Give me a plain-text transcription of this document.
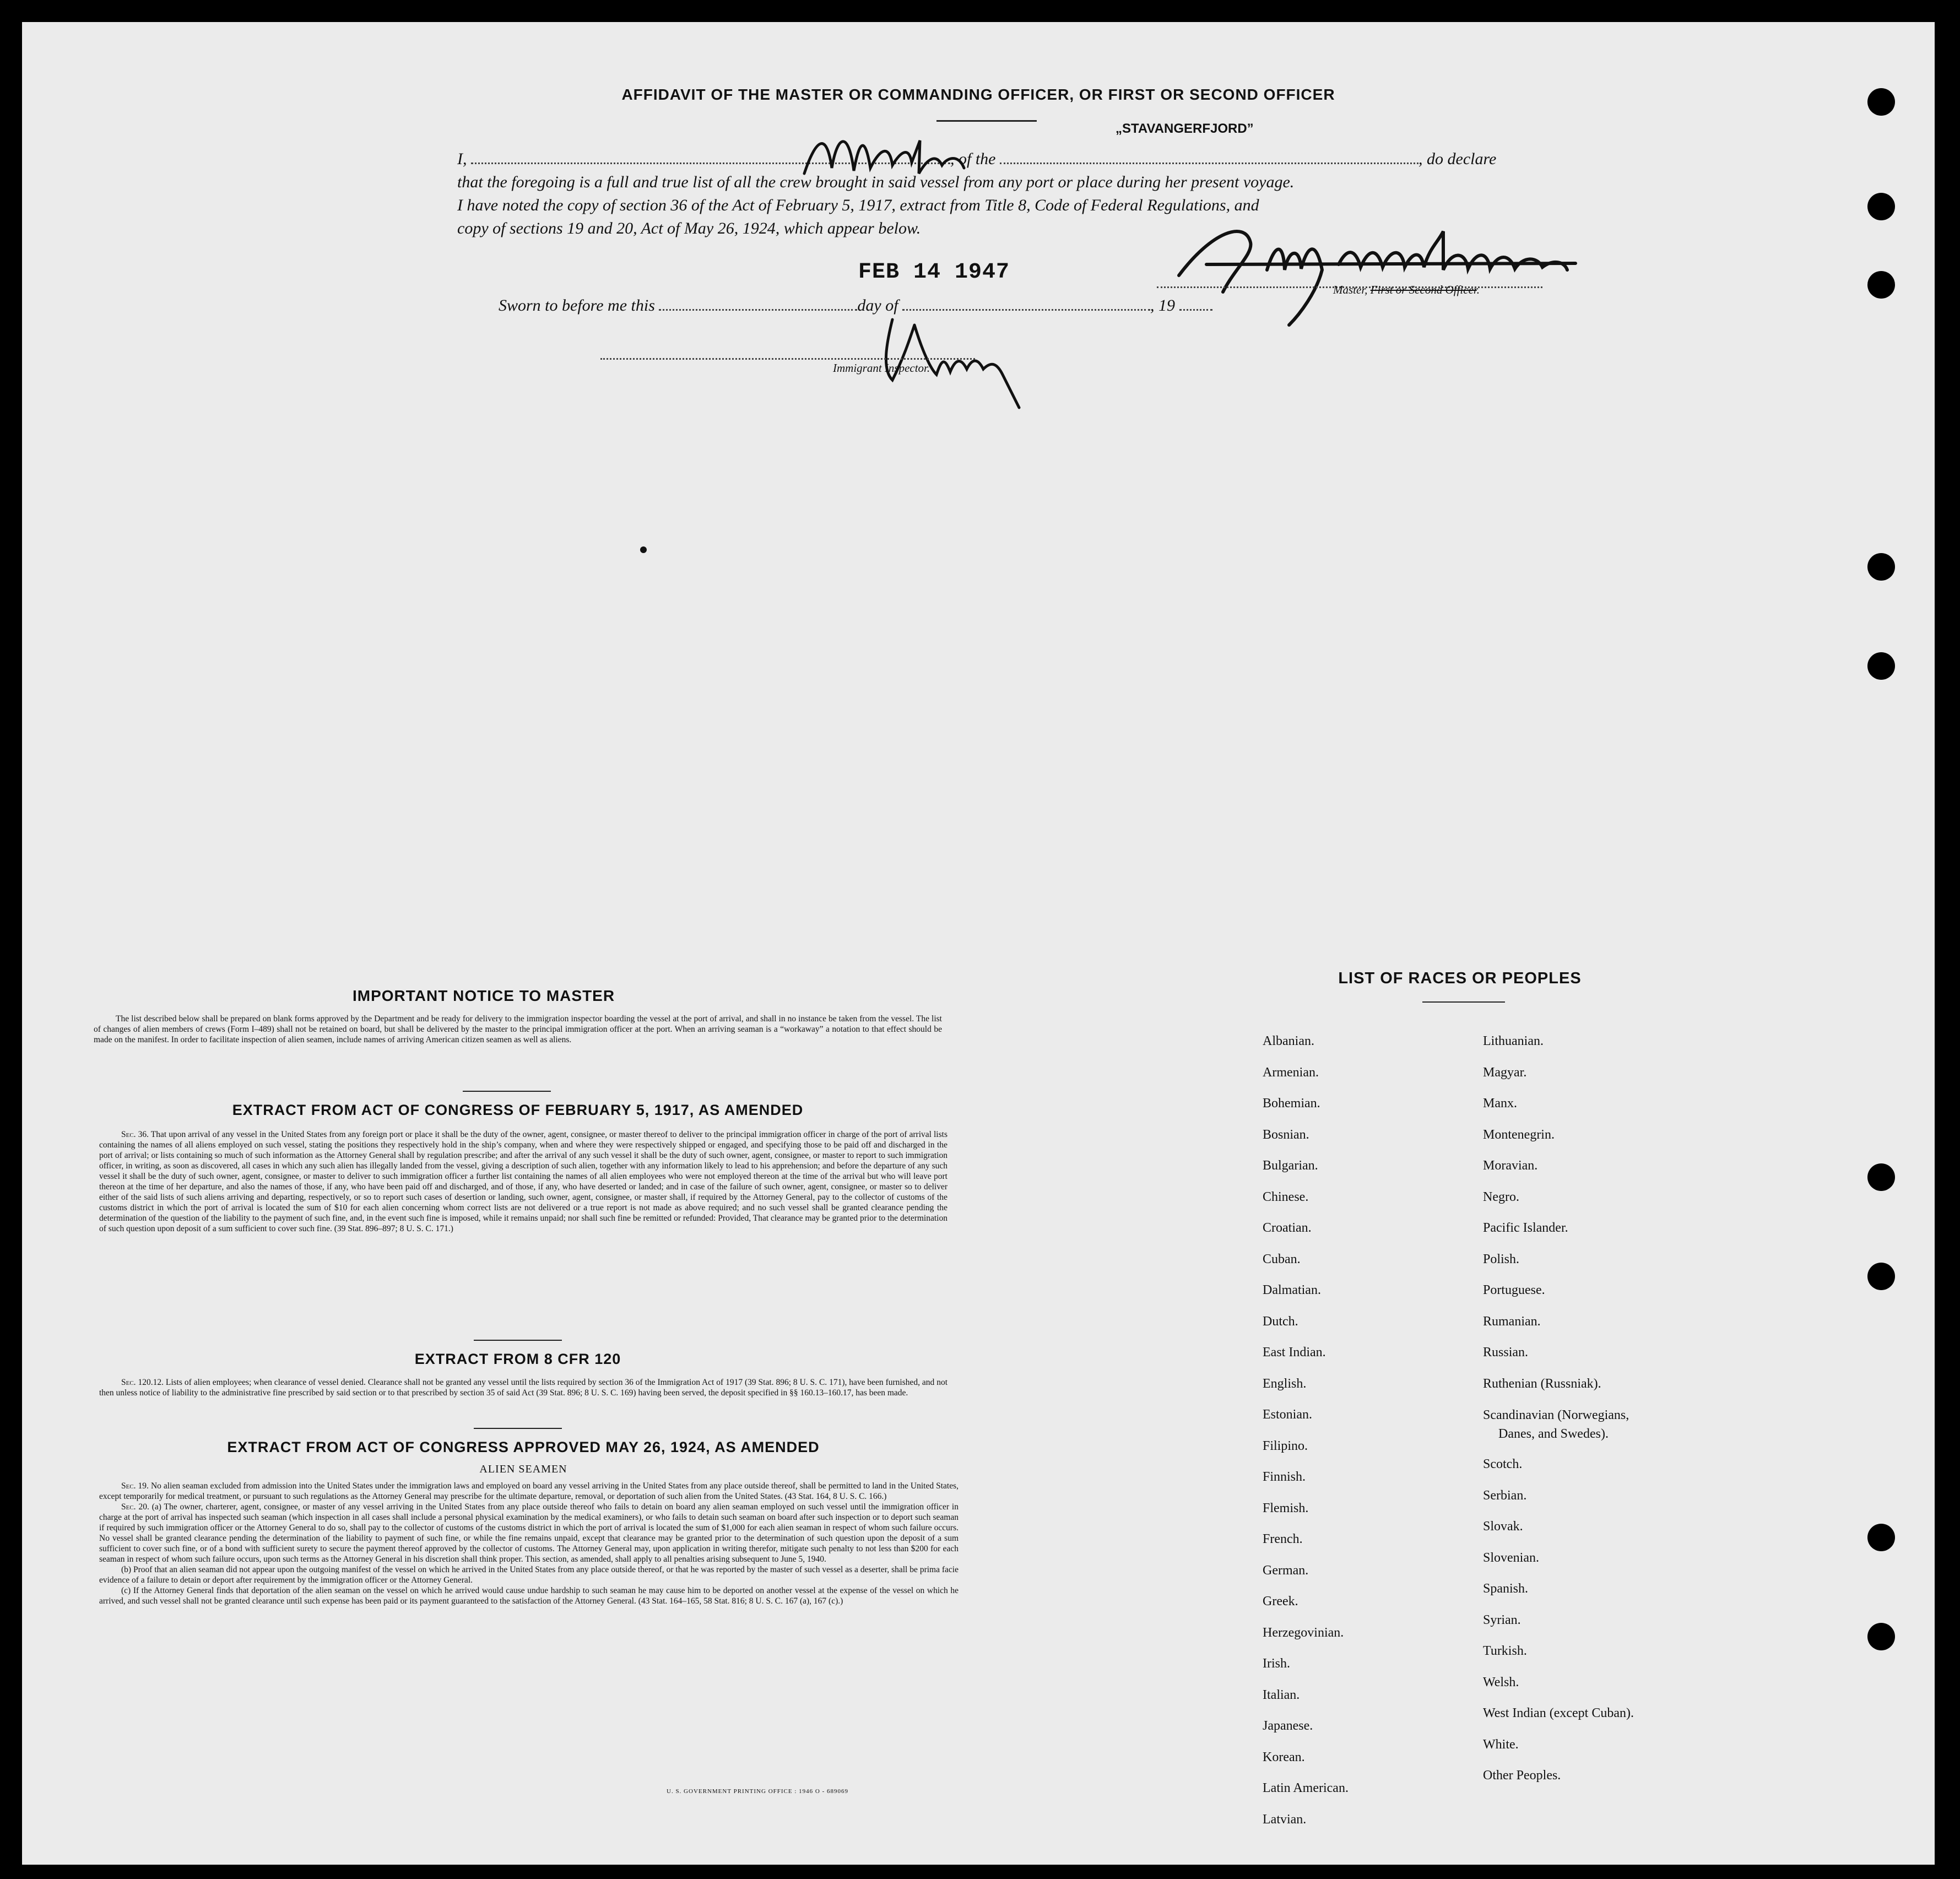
AFFIDAVIT OF THE MASTER OR COMMANDING OFFICER, OR FIRST OR SECOND OFFICER
„STAVANGERFJORD”
I,	, of the	, do declare
that the foregoing is a full and true list of all the crew brought in said vessel from any port or place during her present voyage.
I have noted the copy of section 36 of the Act of February 5, 1917, extract from Title 8, Code of Federal Regulations, and
copy of sections 19 and 20, Act of May 26, 1924, which appear below.
FEB 14 1947
Sworn to before me this	day of	, 19
Master, First or Second Officer.
Immigrant Inspector.
IMPORTANT NOTICE TO MASTER

The list described below shall be prepared on blank forms approved by the Department and be ready for delivery to the immigration inspector boarding the vessel at the port of arrival, and shall in no instance be taken from the vessel. The list of changes of alien members of crews (Form I–489) shall not be retained on board, but shall be delivered by the master to the principal immigration officer at the port. When an arriving seaman is a “workaway” a notation to that effect should be made on the manifest. In order to facilitate inspection of alien seamen, include names of arriving American citizen seamen as well as aliens.

EXTRACT FROM ACT OF CONGRESS OF FEBRUARY 5, 1917, AS AMENDED

Sec. 36. That upon arrival of any vessel in the United States from any foreign port or place it shall be the duty of the owner, agent, consignee, or master thereof to deliver to the principal immigration officer in charge of the port of arrival lists containing the names of all aliens employed on such vessel, stating the positions they respectively hold in the ship’s company, when and where they were respectively shipped or engaged, and specifying those to be paid off and discharged in the port of arrival; or lists containing so much of such information as the Attorney General shall by regulation prescribe; and after the arrival of any such vessel it shall be the duty of such owner, agent, consignee, or master to report to such immigration officer, in writing, as soon as discovered, all cases in which any such alien has illegally landed from the vessel, giving a description of such alien, together with any information likely to lead to his apprehension; and before the departure of any such vessel it shall be the duty of such owner, agent, consignee, or master to deliver to such immigration officer a further list containing the names of all alien employees who were not employed thereon at the time of the arrival but who will leave port thereon at the time of her departure, and also the names of those, if any, who have been paid off and discharged, and of those, if any, who have deserted or landed; and in case of the failure of such owner, agent, consignee, or master so to deliver either of the said lists of such aliens arriving and departing, respectively, or so to report such cases of desertion or landing, such owner, agent, consignee, or master shall, if required by the Attorney General, pay to the collector of customs of the customs district in which the port of arrival is located the sum of $10 for each alien concerning whom correct lists are not delivered or a true report is not made as above required; and no such vessel shall be granted clearance pending the determination of the question of the liability to the payment of such fine, and, in the event such fine is imposed, while it remains unpaid; nor shall such fine be remitted or refunded: Provided, That clearance may be granted prior to the determination of such question upon deposit of a sum sufficient to cover such fine. (39 Stat. 896–897; 8 U. S. C. 171.)

EXTRACT FROM 8 CFR 120

Sec. 120.12. Lists of alien employees; when clearance of vessel denied. Clearance shall not be granted any vessel until the lists required by section 36 of the Immigration Act of 1917 (39 Stat. 896; 8 U. S. C. 171), have been furnished, and not then unless notice of liability to the administrative fine prescribed by said section or to that prescribed by section 35 of said Act (39 Stat. 896; 8 U. S. C. 169) having been served, the deposit specified in §§ 160.13–160.17, has been made.

EXTRACT FROM ACT OF CONGRESS APPROVED MAY 26, 1924, AS AMENDED
ALIEN SEAMEN

Sec. 19. No alien seaman excluded from admission into the United States under the immigration laws and employed on board any vessel arriving in the United States from any place outside thereof, shall be permitted to land in the United States, except temporarily for medical treatment, or pursuant to such regulations as the Attorney General may prescribe for the ultimate departure, removal, or deportation of such alien from the United States. (43 Stat. 164, 8 U. S. C. 166.)

Sec. 20. (a) The owner, charterer, agent, consignee, or master of any vessel arriving in the United States from any place outside thereof who fails to detain on board any alien seaman employed on such vessel until the immigration officer in charge at the port of arrival has inspected such seaman (which inspection in all cases shall include a personal physical examination by the medical examiners), or who fails to detain such seaman on board after such inspection or to deport such seaman if required by such immigration officer or the Attorney General to do so, shall pay to the collector of customs of the customs district in which the port of arrival is located the sum of $1,000 for each alien seaman in respect of whom such failure occurs. No vessel shall be granted clearance pending the determination of the liability to payment of such fine, or while the fine remains unpaid, except that clearance may be granted prior to the determination of such question upon the deposit of a sum sufficient to cover such fine, or of a bond with sufficient surety to secure the payment thereof approved by the collector of customs. The Attorney General may, upon application in writing therefor, mitigate such penalty to not less than $200 for each seaman in respect of whom such failure occurs, upon such terms as the Attorney General in his discretion shall think proper. This section, as amended, shall apply to all penalties arising subsequent to June 5, 1940.

(b) Proof that an alien seaman did not appear upon the outgoing manifest of the vessel on which he arrived in the United States from any place outside thereof, or that he was reported by the master of such vessel as a deserter, shall be prima facie evidence of a failure to detain or deport after requirement by the immigration officer or the Attorney General.

(c) If the Attorney General finds that deportation of the alien seaman on the vessel on which he arrived would cause undue hardship to such seaman he may cause him to be deported on another vessel at the expense of the vessel on which he arrived, and such vessel shall not be granted clearance until such expense has been paid or its payment guaranteed to the satisfaction of the Attorney General. (43 Stat. 164–165, 58 Stat. 816; 8 U. S. C. 167 (a), 167 (c).)

U. S. GOVERNMENT PRINTING OFFICE : 1946 O - 689069
LIST OF RACES OR PEOPLES
Albanian.
Armenian.
Bohemian.
Bosnian.
Bulgarian.
Chinese.
Croatian.
Cuban.
Dalmatian.
Dutch.
East Indian.
English.
Estonian.
Filipino.
Finnish.
Flemish.
French.
German.
Greek.
Herzegovinian.
Irish.
Italian.
Japanese.
Korean.
Latin American.
Latvian.
Lithuanian.
Magyar.
Manx.
Montenegrin.
Moravian.
Negro.
Pacific Islander.
Polish.
Portuguese.
Rumanian.
Russian.
Ruthenian (Russniak).
Scandinavian (Norwegians,
Danes, and Swedes).
Scotch.
Serbian.
Slovak.
Slovenian.
Spanish.
Syrian.
Turkish.
Welsh.
West Indian (except Cuban).
White.
Other Peoples.
